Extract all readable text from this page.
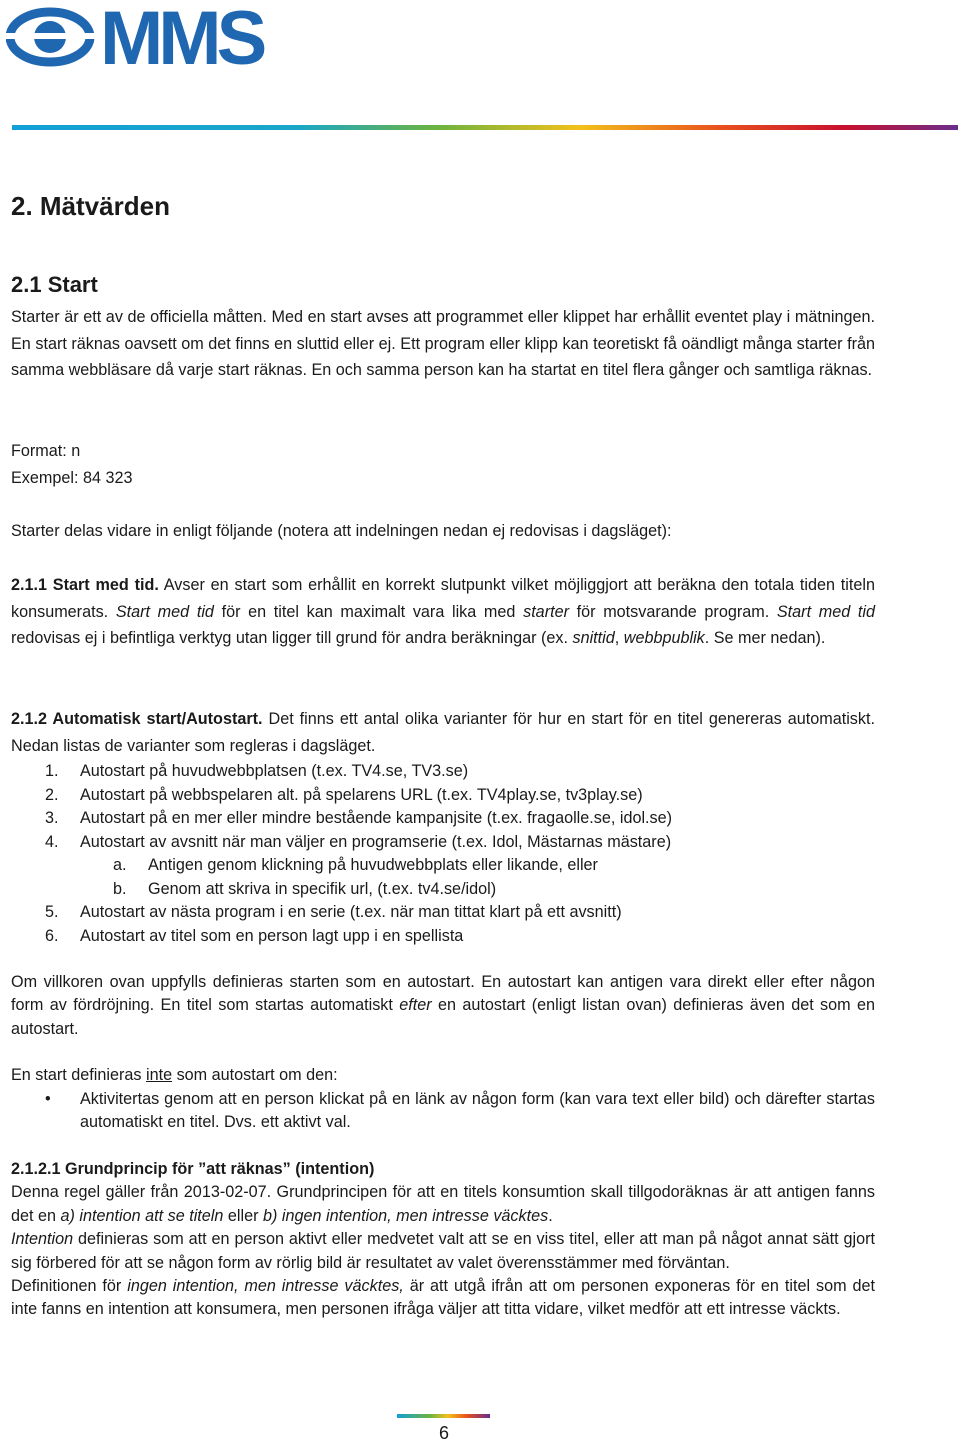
MMS
2. Mätvärden
2.1 Start

Starter är ett av de officiella måtten. Med en start avses att programmet eller klippet har erhållit eventet play i mätningen. En start räknas oavsett om det finns en sluttid eller ej. Ett program eller klipp kan teoretiskt få oändligt många starter från samma webbläsare då varje start räknas. En och samma person kan ha startat en titel flera gånger och samtliga räknas.

Format: n

Exempel: 84 323

Starter delas vidare in enligt följande (notera att indelningen nedan ej redovisas i dagsläget):

2.1.1 Start med tid. Avser en start som erhållit en korrekt slutpunkt vilket möjliggjort att beräkna den totala tiden titeln konsumerats. Start med tid för en titel kan maximalt vara lika med starter för motsvarande program. Start med tid redovisas ej i befintliga verktyg utan ligger till grund för andra beräkningar (ex. snittid, webbpublik. Se mer nedan).

2.1.2 Automatisk start/Autostart. Det finns ett antal olika varianter för hur en start för en titel genereras automatiskt. Nedan listas de varianter som regleras i dagsläget.

1. Autostart på huvudwebbplatsen (t.ex. TV4.se, TV3.se)
2. Autostart på webbspelaren alt. på spelarens URL (t.ex. TV4play.se, tv3play.se)
3. Autostart på en mer eller mindre bestående kampanjsite (t.ex. fragaolle.se, idol.se)
4. Autostart av avsnitt när man väljer en programserie (t.ex. Idol, Mästarnas mästare)
a. Antigen genom klickning på huvudwebbplats eller likande, eller
b. Genom att skriva in specifik url, (t.ex. tv4.se/idol)
5. Autostart av nästa program i en serie (t.ex. när man tittat klart på ett avsnitt)
6. Autostart av titel som en person lagt upp i en spellista

Om villkoren ovan uppfylls definieras starten som en autostart. En autostart kan antigen vara direkt eller efter någon form av fördröjning. En titel som startas automatiskt efter en autostart (enligt listan ovan) definieras även det som en autostart.

En start definieras inte som autostart om den:

• Aktivitertas genom att en person klickat på en länk av någon form (kan vara text eller bild) och därefter startas automatiskt en titel. Dvs. ett aktivt val.

2.1.2.1 Grundprincip för ”att räknas” (intention)
Denna regel gäller från 2013-02-07. Grundprincipen för att en titels konsumtion skall tillgodoräknas är att antigen fanns det en a) intention att se titeln eller b) ingen intention, men intresse väcktes.
Intention definieras som att en person aktivt eller medvetet valt att se en viss titel, eller att man på något annat sätt gjort sig förbered för att se någon form av rörlig bild är resultatet av valet överensstämmer med förväntan.
Definitionen för ingen intention, men intresse väcktes, är att utgå ifrån att om personen exponeras för en titel som det inte fanns en intention att konsumera, men personen ifråga väljer att titta vidare, vilket medför att ett intresse väckts.

6
